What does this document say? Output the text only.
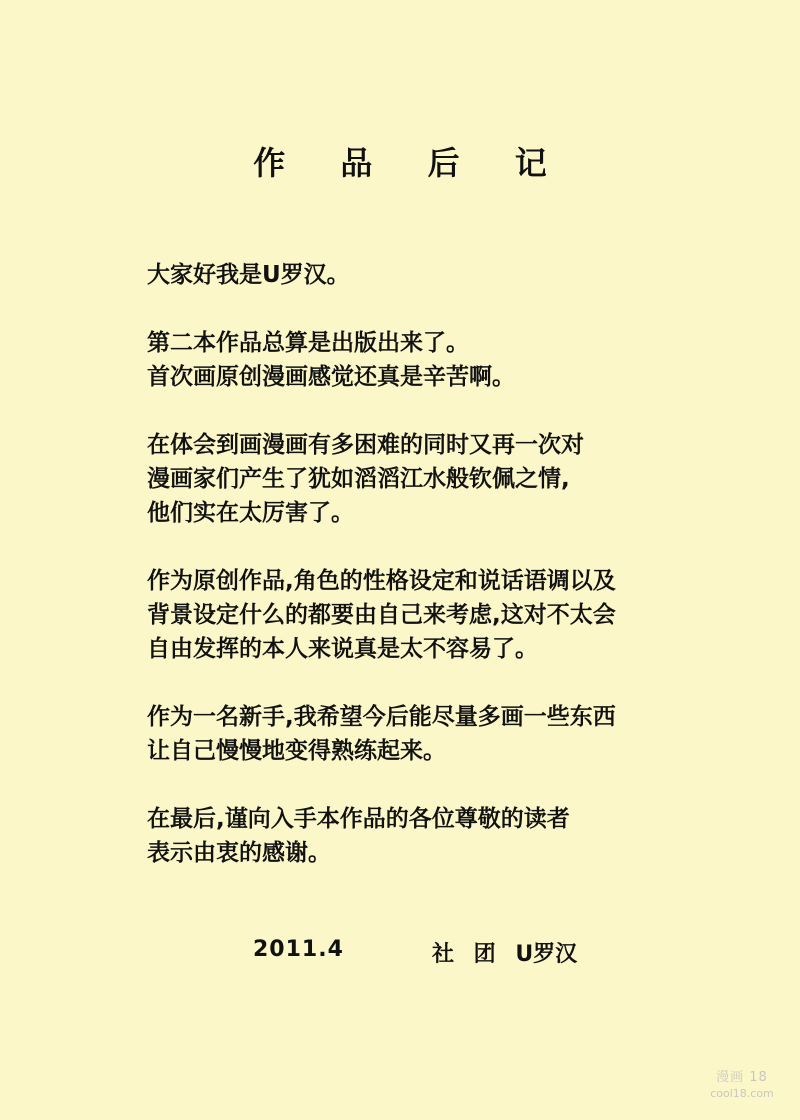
作 品 后 记
大家好我是U罗汉。
第二本作品总算是出版出来了。
首次画原创漫画感觉还真是辛苦啊。
在体会到画漫画有多困难的同时又再一次对
漫画家们产生了犹如滔滔江水般钦佩之情,
他们实在太厉害了。
作为原创作品,角色的性格设定和说话语调以及
背景设定什么的都要由自己来考虑,这对不太会
自由发挥的本人来说真是太不容易了。
作为一名新手,我希望今后能尽量多画一些东西
让自己慢慢地变得熟练起来。
在最后,谨向入手本作品的各位尊敬的读者
表示由衷的感谢。
2011.4	社 团 U罗汉
漫画 18
cool18.com
